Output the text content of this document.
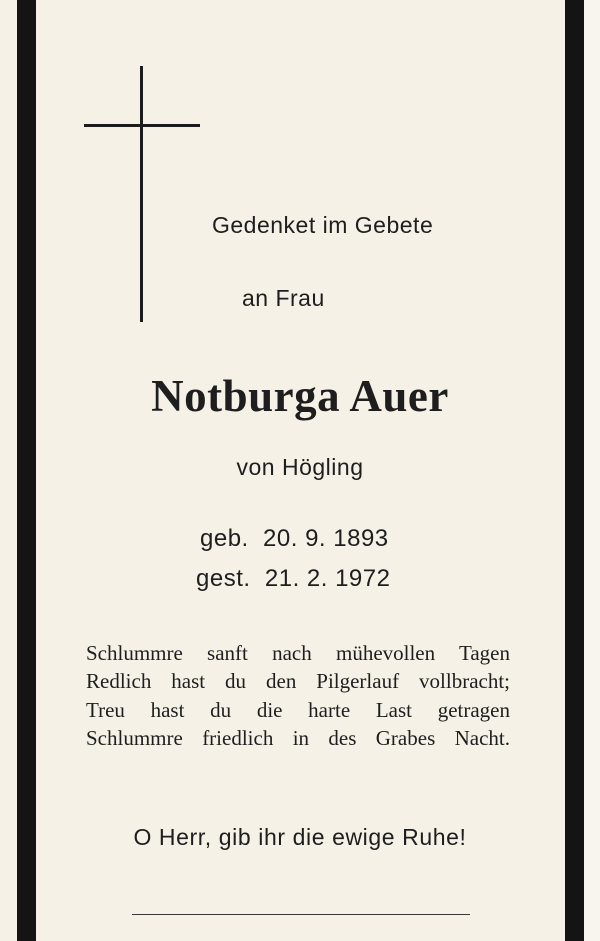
Gedenket im Gebete

an Frau

Notburga Auer

von Högling

geb.  20. 9. 1893

gest.  21. 2. 1972

Schlummre sanft nach mühevollen Tagen

Redlich hast du den Pilgerlauf vollbracht;

Treu hast du die harte Last getragen

Schlummre friedlich in des Grabes Nacht.

O Herr, gib ihr die ewige Ruhe!
